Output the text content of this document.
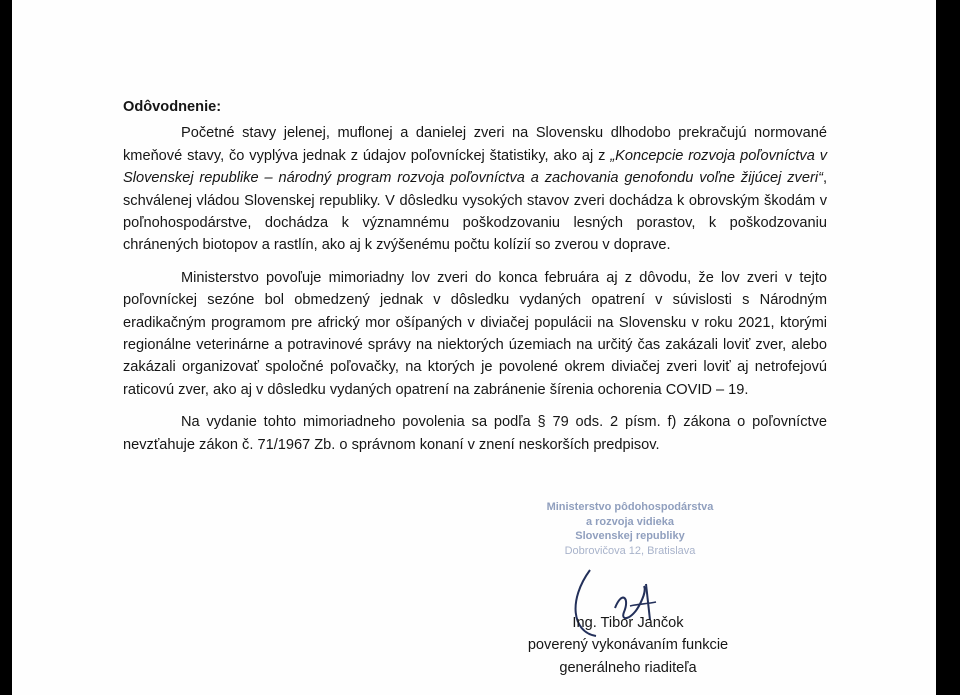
Odôvodnenie:

Početné stavy jelenej, muflonej a danielej zveri na Slovensku dlhodobo prekračujú normované kmeňové stavy, čo vyplýva jednak z údajov poľovníckej štatistiky, ako aj z „Koncepcie rozvoja poľovníctva v Slovenskej republike – národný program rozvoja poľovníctva a zachovania genofondu voľne žijúcej zveri“, schválenej vládou Slovenskej republiky. V dôsledku vysokých stavov zveri dochádza k obrovským škodám v poľnohospodárstve, dochádza k významnému poškodzovaniu lesných porastov, k poškodzovaniu chránených biotopov a rastlín, ako aj k zvýšenému počtu kolízií so zverou v doprave.

Ministerstvo povoľuje mimoriadny lov zveri do konca februára aj z dôvodu, že lov zveri v tejto poľovníckej sezóne bol obmedzený jednak v dôsledku vydaných opatrení v súvislosti s Národným eradikačným programom pre africký mor ošípaných v diviačej populácii na Slovensku v roku 2021, ktorými regionálne veterinárne a potravinové správy na niektorých územiach na určitý čas zakázali loviť zver, alebo zakázali organizovať spoločné poľovačky, na ktorých je povolené okrem diviačej zveri loviť aj netrofejovú raticovú zver, ako aj v dôsledku vydaných opatrení na zabránenie šírenia ochorenia COVID – 19.

Na vydanie tohto mimoriadneho povolenia sa podľa § 79 ods. 2 písm. f) zákona o poľovníctve nevzťahuje zákon č. 71/1967 Zb. o správnom konaní v znení neskorších predpisov.

Ministerstvo pôdohospodárstva
a rozvoja vidieka
Slovenskej republiky
Dobrovičova 12, Bratislava
Ing. Tibor Jančok
poverený vykonávaním funkcie
generálneho riaditeľa
